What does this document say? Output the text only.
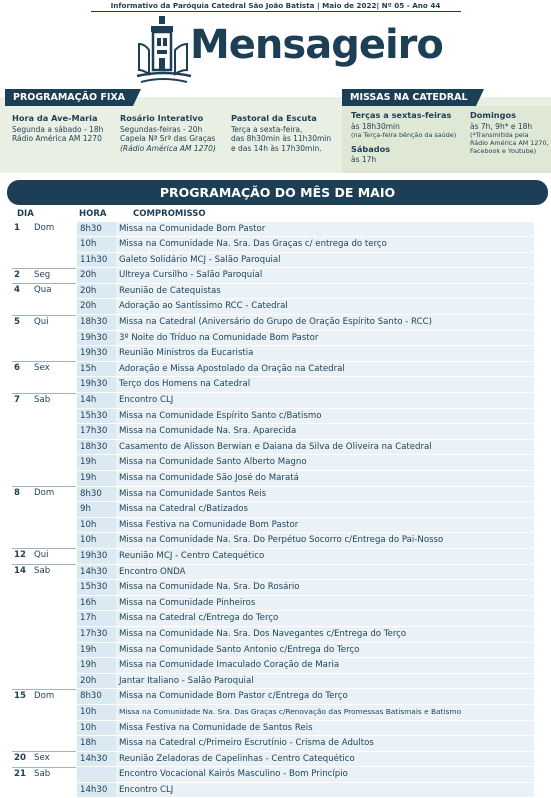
Informativo da Paróquia Catedral São João Batista | Maio de 2022| Nº 05 - Ano 44
Mensageiro
PROGRAMAÇÃO FIXA	MISSAS NA CATEDRAL
Hora da Ave-Maria
Segunda a sábado - 18h
Rádio América AM 1270
Rosário Interativo
Segundas-feiras - 20h
Capela Nª Srª das Graças
(Rádio América AM 1270)
Pastoral da Escuta
Terça a sexta-feira,
das 8h30min às 11h30min
e das 14h às 17h30min.
Terças a sextas-feiras
às 18h30min
(na Terça-feira bênção da saúde)
Sábados
às 17h
Domingos
às 7h, 9h* e 18h
(*Transmitida pela
Rádio América AM 1270,
Facebook e Youtube)
PROGRAMAÇÃO DO MÊS DE MAIO
DIA	HORA	COMPROMISSO
1	Dom	8h30	Missa na Comunidade Bom Pastor
10h	Missa na Comunidade Na. Sra. Das Graças c/ entrega do terço
11h30	Galeto Solidário MCJ - Salão Paroquial
2	Seg	20h	Ultreya Cursilho - Salão Paroquial
4	Qua	20h	Reunião de Catequistas
20h	Adoração ao Santíssimo RCC - Catedral
5	Qui	18h30	Missa na Catedral (Aniversário do Grupo de Oração Espírito Santo - RCC)
19h30	3º Noite do Tríduo na Comunidade Bom Pastor
19h30	Reunião Ministros da Eucaristia
6	Sex	15h	Adoração e Missa Apostolado da Oração na Catedral
19h30	Terço dos Homens na Catedral
7	Sab	14h	Encontro CLJ
15h30	Missa na Comunidade Espírito Santo c/Batismo
17h30	Missa na Comunidade Na. Sra. Aparecida
18h30	Casamento de Alisson Berwian e Daiana da Silva de Oliveira na Catedral
19h	Missa na Comunidade Santo Alberto Magno
19h	Missa na Comunidade São José do Maratá
8	Dom	8h30	Missa na Comunidade Santos Reis
9h	Missa na Catedral c/Batizados
10h	Missa Festiva na Comunidade Bom Pastor
10h	Missa na Comunidade Na. Sra. Do Perpétuo Socorro c/Entrega do Pai-Nosso
12 Qui	19h30	Reunião MCJ - Centro Catequético
14 Sab	14h30	Encontro ONDA
15h30	Missa na Comunidade Na. Sra. Do Rosário
16h	Missa na Comunidade Pinheiros
17h	Missa na Catedral c/Entrega do Terço
17h30	Missa na Comunidade Na. Sra. Dos Navegantes c/Entrega do Terço
19h	Missa na Comunidade Santo Antonio c/Entrega do Terço
19h	Missa na Comunidade Imaculado Coração de Maria
20h	Jantar Italiano - Salão Paroquial
15 Dom	8h30	Missa na Comunidade Bom Pastor c/Entrega do Terço
10h	Missa na Comunidade Na. Sra. Das Graças c/Renovação das Promessas Batismais e Batismo
10h	Missa Festiva na Comunidade de Santos Reis
18h	Missa na Catedral c/Primeiro Escrutínio - Crisma de Adultos
20 Sex	14h30	Reunião Zeladoras de Capelinhas - Centro Catequético
21 Sab	Encontro Vocacional Kairós Masculino - Bom Princípio
14h30	Encontro CLJ
